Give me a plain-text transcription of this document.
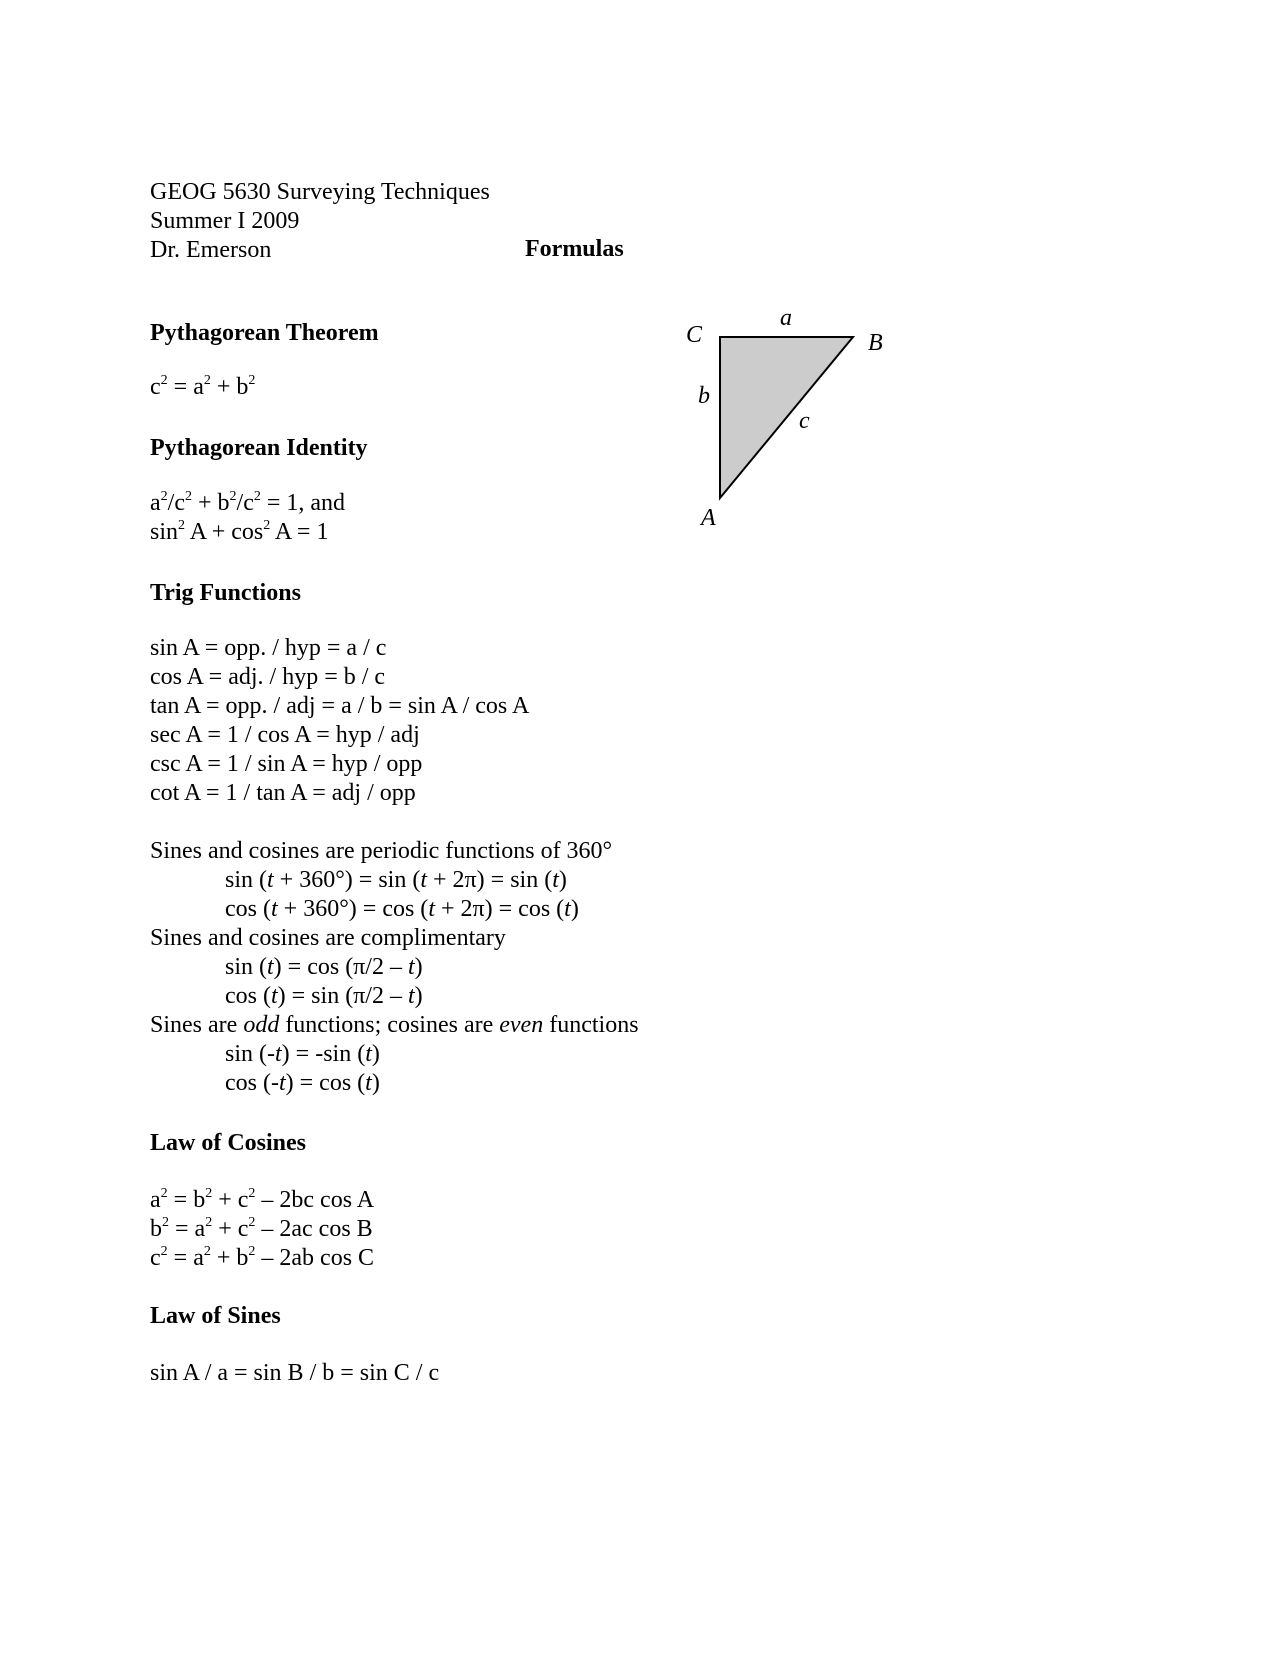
GEOG 5630 Surveying Techniques
Summer I 2009
Dr. Emerson	Formulas
C
a
B
b
c
A
Pythagorean Theorem
$c^2 = a^2 + b^2$
Pythagorean Identity
$a^2/c^2 + b^2/c^2 = 1$, and
$\sin^2 A + \cos^2 A = 1$
Trig Functions
sin A = opp. / hyp = a / c
cos A = adj. / hyp = b / c
tan A = opp. / adj = a / b = sin A / cos A
sec A = 1 / cos A = hyp / adj
csc A = 1 / sin A = hyp / opp
cot A = 1 / tan A = adj / opp
Sines and cosines are periodic functions of 360°
sin (t + 360°) = sin (t + 2π) = sin (t)
cos (t + 360°) = cos (t + 2π) = cos (t)
Sines and cosines are complimentary
sin (t) = cos (π/2 – t)
cos (t) = sin (π/2 – t)
Sines are odd functions; cosines are even functions
sin (-t) = -sin (t)
cos (-t) = cos (t)
Law of Cosines
$a^2 = b^2 + c^2 - 2bc$ cos A
$b^2 = a^2 + c^2 - 2ac$ cos B
$c^2 = a^2 + b^2 - 2ab$ cos C
Law of Sines
sin A / a = sin B / b = sin C / c
